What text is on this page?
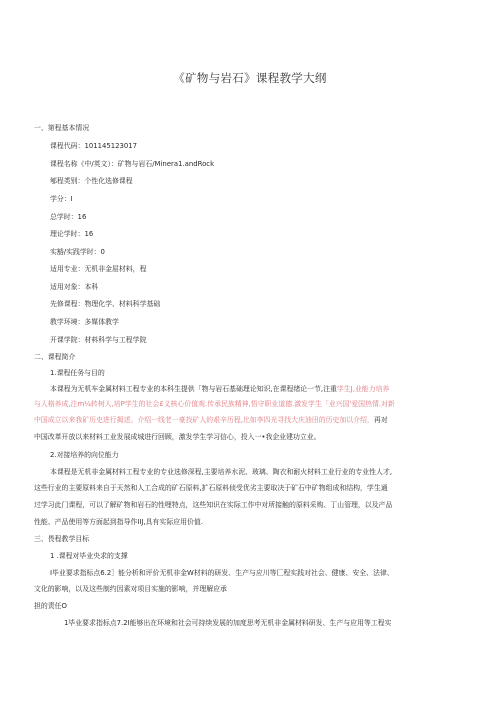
《矿物与岩石》课程教学大纲
一、第程基本情况
课程代码：101145123017
课程名称《中/英文）：矿物与岩石/Minera1.andRock
郇程类别：个性化选修课程
学分：I
总学时：16
理论学时：16
实豁/实践学时：0
适用专业：无机非金屈材料，程
适用对象：本科
先修课程：物理化学、材料科学基础
教学环境：多媒体教学
开课学院：材料科学与工程学院
二、课程简介
1.课程任务与目的
本课程为无机车金属材料工程专业的本科生提供「物与岩石基础理论知识,在课程绪论一节,注重学生J,业能力培养
与人格养成,注m¼转树人,培P学生的社会£义核心价值观.传承民族精神,悟守职业道德.激发学生「业兴国'爱国热情.对新
中国成立以来我矿历史进行揭述。介绍一线老一豪找矿人的艰辛历程,比如李四光寻找大庆油田的历史加以介绍，再对
中国改革开放以来材料工业发展成城进行回顾，激发学生学习信心，投入一•我企业建功立业。
2.对接培养的向位能力
本课程是无机非金属材料工程专业的专业选修深程,主要培养水泥、玻璃、陶衣和耐火材料工业行业的专业性人才,
这些行业的主要原料来自于天然和人工合成的矿石原料,扩石原料侦受优劣主要取决于矿石中矿物组成和结构，学生通
过学习此门课程，可以了解矿物和岩石的性哩特点，这些知识在实际工作中对所接触的原料采购、丁山管理，以及产品
性能、产品使用等方面起到指导作IIJ,具有实际应用价值.
三、畏程教学目标
1 .课程对毕业央求的支撑
I毕业要求指标点6.2］能分析和评价无机非金W材料的研发、生产与应川等匚程实践对社会、健康、安全、法律、
文化的影响，以及这些制约因素对项目实施的影响，并理解应承
担的责任O
1毕业要求指标点7.2I能够出在环境和社会可持续发展的加度思考无机非金属材料研发、生产与应用等工程实
